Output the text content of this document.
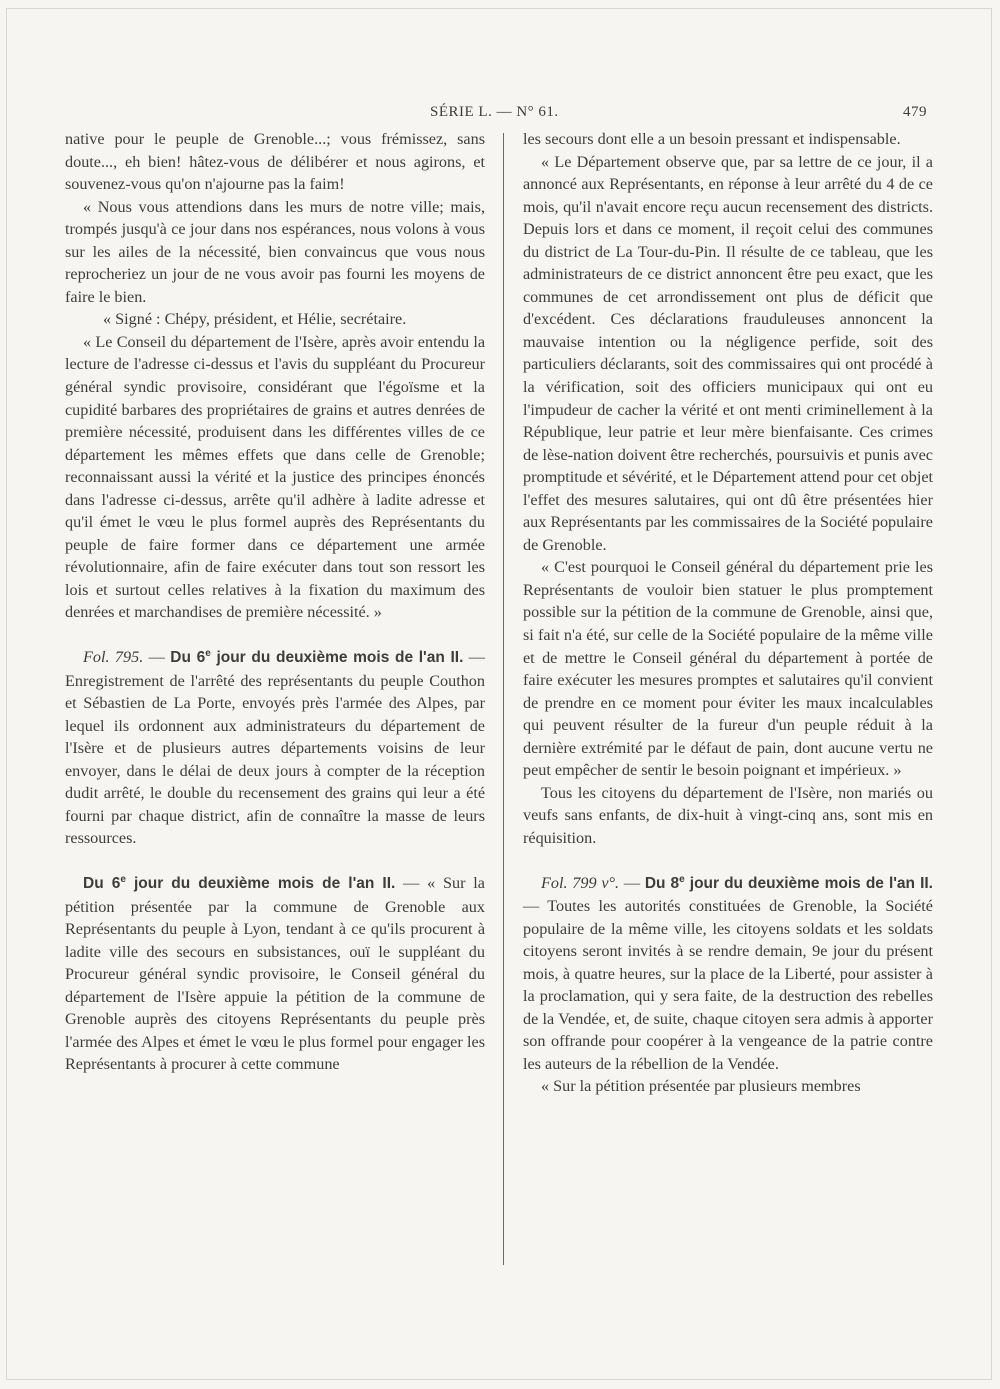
SÉRIE L. — N° 61.	479

native pour le peuple de Grenoble...; vous frémissez, sans doute..., eh bien! hâtez-vous de délibérer et nous agirons, et souvenez-vous qu'on n'ajourne pas la faim!

« Nous vous attendions dans les murs de notre ville; mais, trompés jusqu'à ce jour dans nos espérances, nous volons à vous sur les ailes de la nécessité, bien convaincus que vous nous reprocheriez un jour de ne vous avoir pas fourni les moyens de faire le bien.

« Signé : Chépy, président, et Hélie, secrétaire.

« Le Conseil du département de l'Isère, après avoir entendu la lecture de l'adresse ci-dessus et l'avis du suppléant du Procureur général syndic provisoire, considérant que l'égoïsme et la cupidité barbares des propriétaires de grains et autres denrées de première nécessité, produisent dans les différentes villes de ce département les mêmes effets que dans celle de Grenoble; reconnaissant aussi la vérité et la justice des principes énoncés dans l'adresse ci-dessus, arrête qu'il adhère à ladite adresse et qu'il émet le vœu le plus formel auprès des Représentants du peuple de faire former dans ce département une armée révolutionnaire, afin de faire exécuter dans tout son ressort les lois et surtout celles relatives à la fixation du maximum des denrées et marchandises de première nécessité. »

Fol. 795. — Du 6e jour du deuxième mois de l'an II. — Enregistrement de l'arrêté des représentants du peuple Couthon et Sébastien de La Porte, envoyés près l'armée des Alpes, par lequel ils ordonnent aux administrateurs du département de l'Isère et de plusieurs autres départements voisins de leur envoyer, dans le délai de deux jours à compter de la réception dudit arrêté, le double du recensement des grains qui leur a été fourni par chaque district, afin de connaître la masse de leurs ressources.

Du 6e jour du deuxième mois de l'an II. — « Sur la pétition présentée par la commune de Grenoble aux Représentants du peuple à Lyon, tendant à ce qu'ils procurent à ladite ville des secours en subsistances, ouï le suppléant du Procureur général syndic provisoire, le Conseil général du département de l'Isère appuie la pétition de la commune de Grenoble auprès des citoyens Représentants du peuple près l'armée des Alpes et émet le vœu le plus formel pour engager les Représentants à procurer à cette commune

les secours dont elle a un besoin pressant et indispensable.

« Le Département observe que, par sa lettre de ce jour, il a annoncé aux Représentants, en réponse à leur arrêté du 4 de ce mois, qu'il n'avait encore reçu aucun recensement des districts. Depuis lors et dans ce moment, il reçoit celui des communes du district de La Tour-du-Pin. Il résulte de ce tableau, que les administrateurs de ce district annoncent être peu exact, que les communes de cet arrondissement ont plus de déficit que d'excédent. Ces déclarations frauduleuses annoncent la mauvaise intention ou la négligence perfide, soit des particuliers déclarants, soit des commissaires qui ont procédé à la vérification, soit des officiers municipaux qui ont eu l'impudeur de cacher la vérité et ont menti criminellement à la République, leur patrie et leur mère bienfaisante. Ces crimes de lèse-nation doivent être recherchés, poursuivis et punis avec promptitude et sévérité, et le Département attend pour cet objet l'effet des mesures salutaires, qui ont dû être présentées hier aux Représentants par les commissaires de la Société populaire de Grenoble.

« C'est pourquoi le Conseil général du département prie les Représentants de vouloir bien statuer le plus promptement possible sur la pétition de la commune de Grenoble, ainsi que, si fait n'a été, sur celle de la Société populaire de la même ville et de mettre le Conseil général du département à portée de faire exécuter les mesures promptes et salutaires qu'il convient de prendre en ce moment pour éviter les maux incalculables qui peuvent résulter de la fureur d'un peuple réduit à la dernière extrémité par le défaut de pain, dont aucune vertu ne peut empêcher de sentir le besoin poignant et impérieux. »

Tous les citoyens du département de l'Isère, non mariés ou veufs sans enfants, de dix-huit à vingt-cinq ans, sont mis en réquisition.

Fol. 799 v°. — Du 8e jour du deuxième mois de l'an II. — Toutes les autorités constituées de Grenoble, la Société populaire de la même ville, les citoyens soldats et les soldats citoyens seront invités à se rendre demain, 9e jour du présent mois, à quatre heures, sur la place de la Liberté, pour assister à la proclamation, qui y sera faite, de la destruction des rebelles de la Vendée, et, de suite, chaque citoyen sera admis à apporter son offrande pour coopérer à la vengeance de la patrie contre les auteurs de la rébellion de la Vendée.

« Sur la pétition présentée par plusieurs membres
